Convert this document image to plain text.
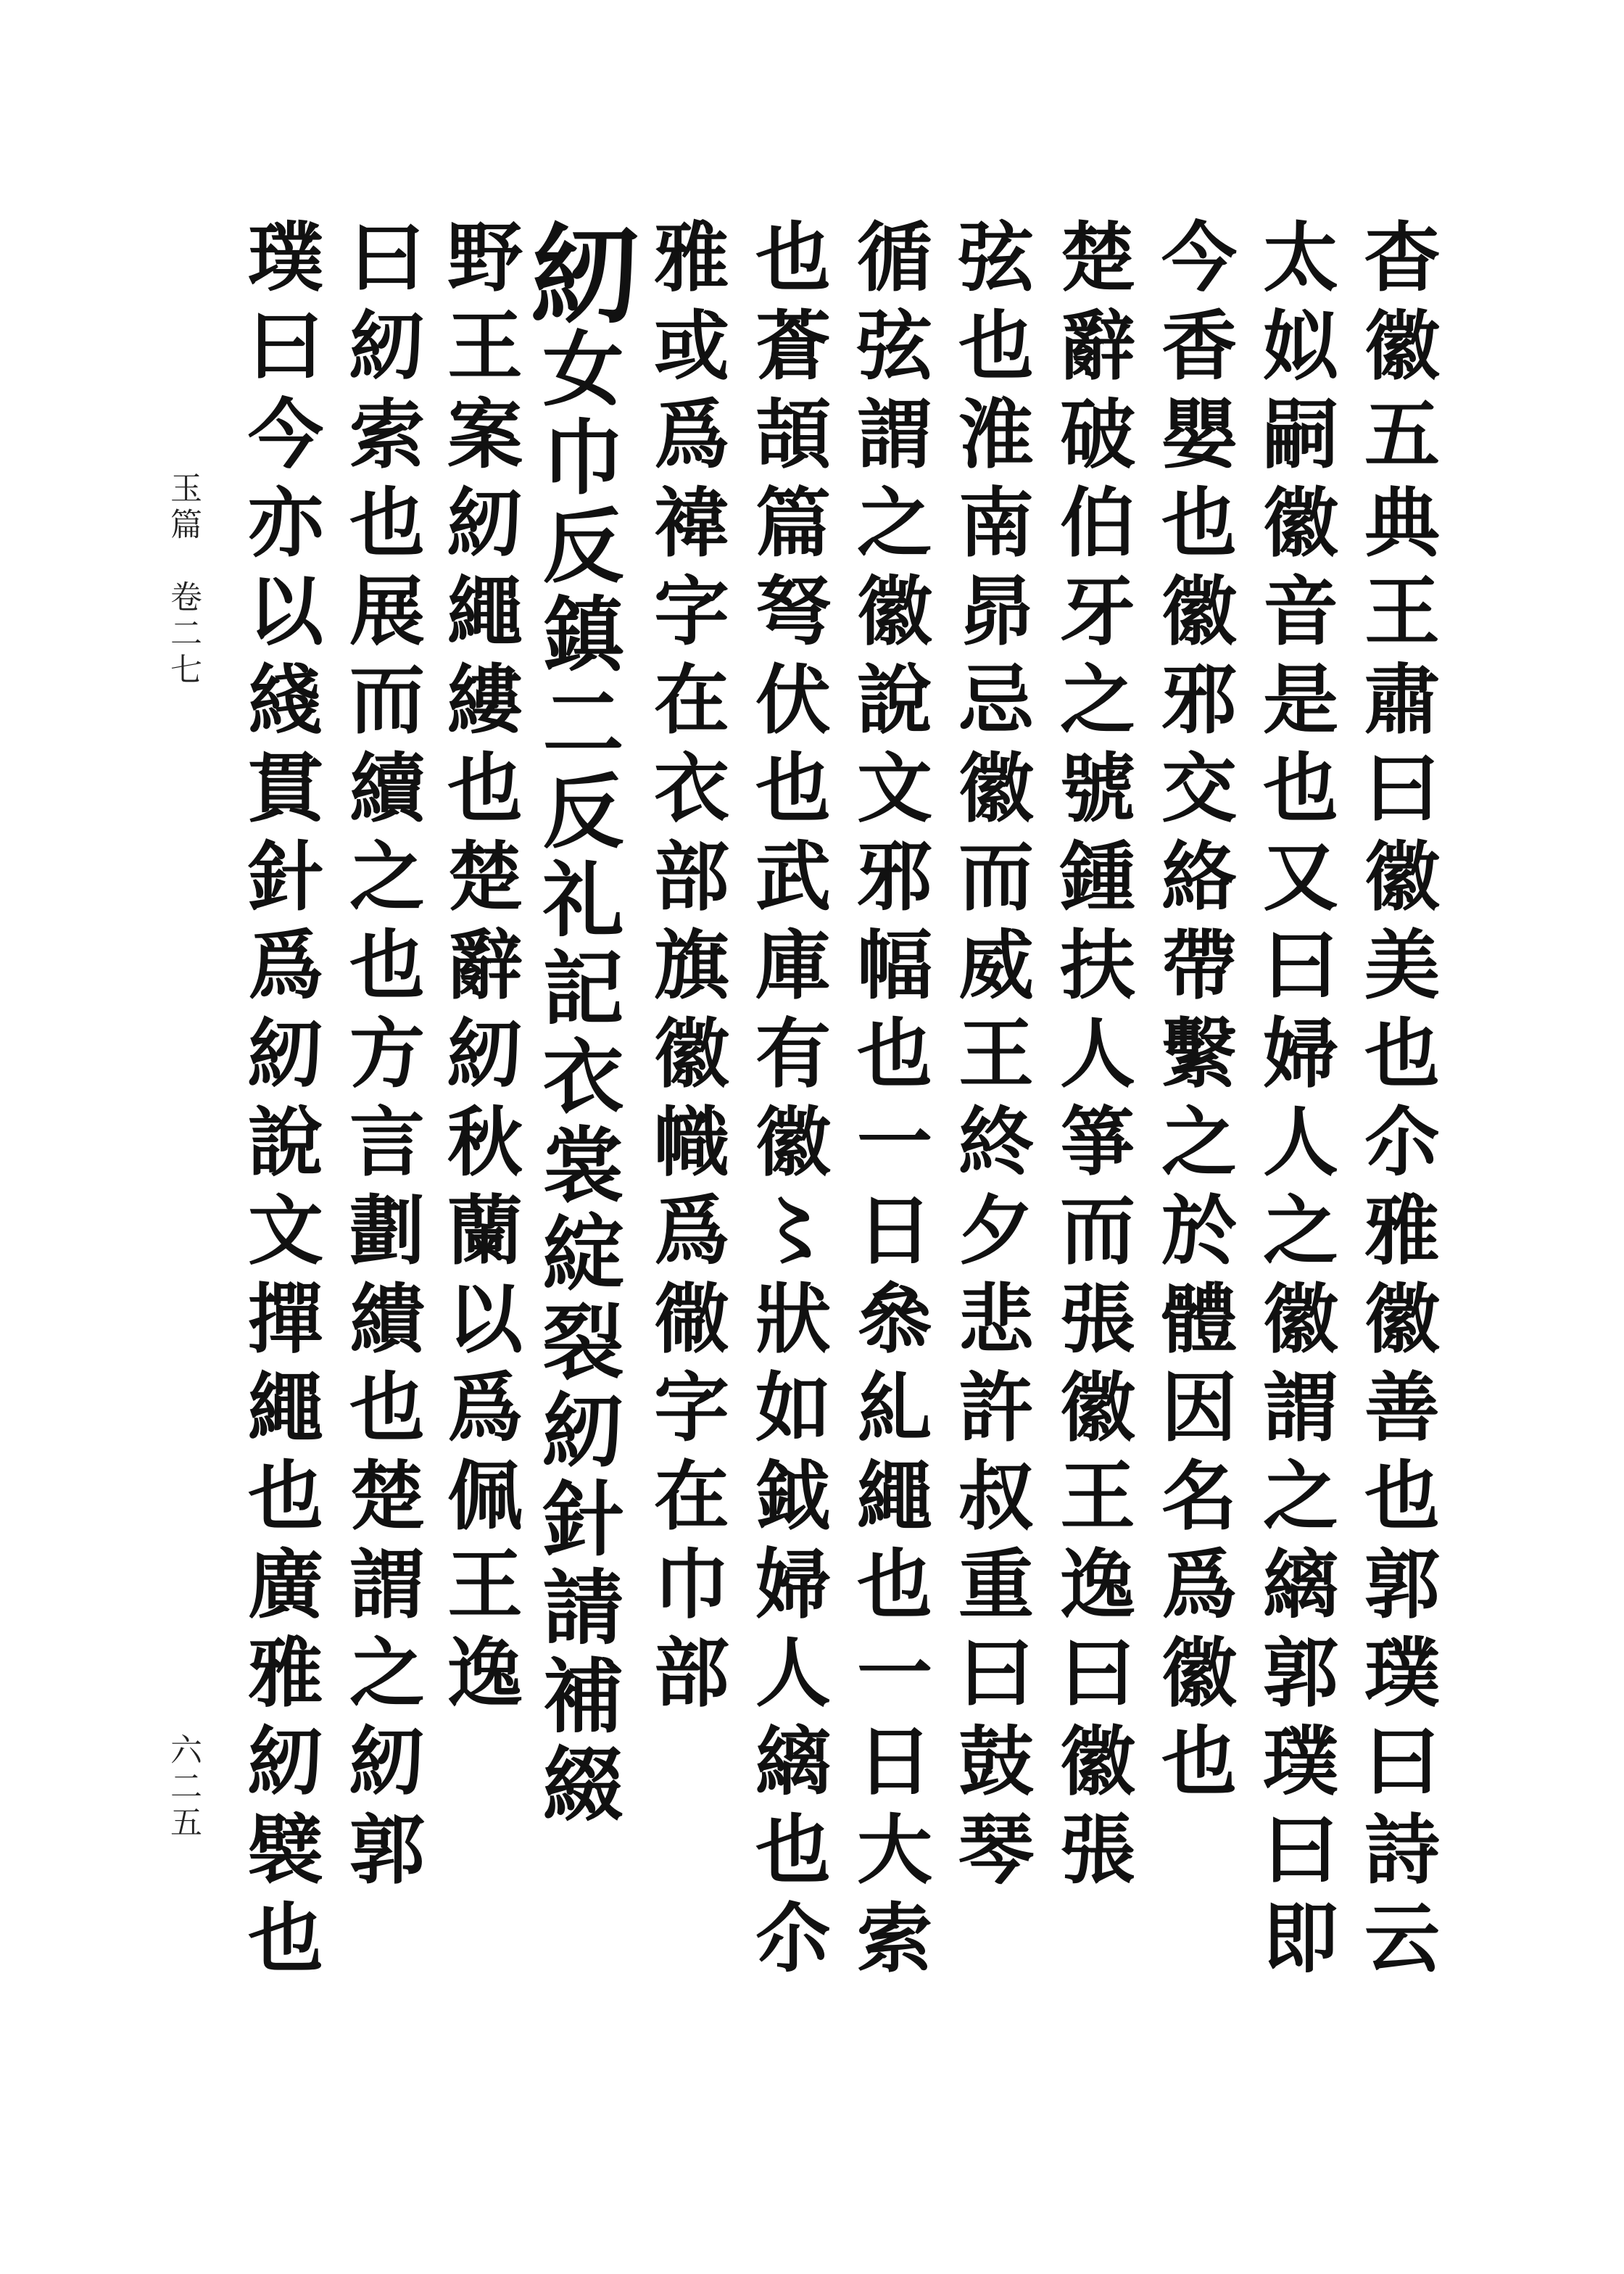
玉篇　卷二七
六二五	杳徽五典王肅曰徽美也尒雅徽善也郭璞曰詩云
太姒嗣徽音是也又曰婦人之徽謂之縭郭璞曰即
今香嬰也徽邪交絡帶繫之於體因名爲徽也
楚辭破伯牙之號鍾扶人箏而張徽王逸曰徽張
弦也淮南昴忌徽而威王終夕悲許叔重曰鼓琴
循弦謂之徽說文邪幅也一日叅糺繩也一日大索
也蒼頡篇弩伏也武庫有徽〻狀如鉞婦人縭也尒
雅或爲褘字在衣部旗徽幟爲幑字在巾部
紉女巾反鎮二反礼記衣裳綻裂紉針請補綴
野王案紉繩縷也楚辭紉秋蘭以爲佩王逸
曰紉索也展而續之也方言劃繢也楚謂之紉郭
璞曰今亦以綫貫針爲紉說文撣繩也廣雅紉襞也
